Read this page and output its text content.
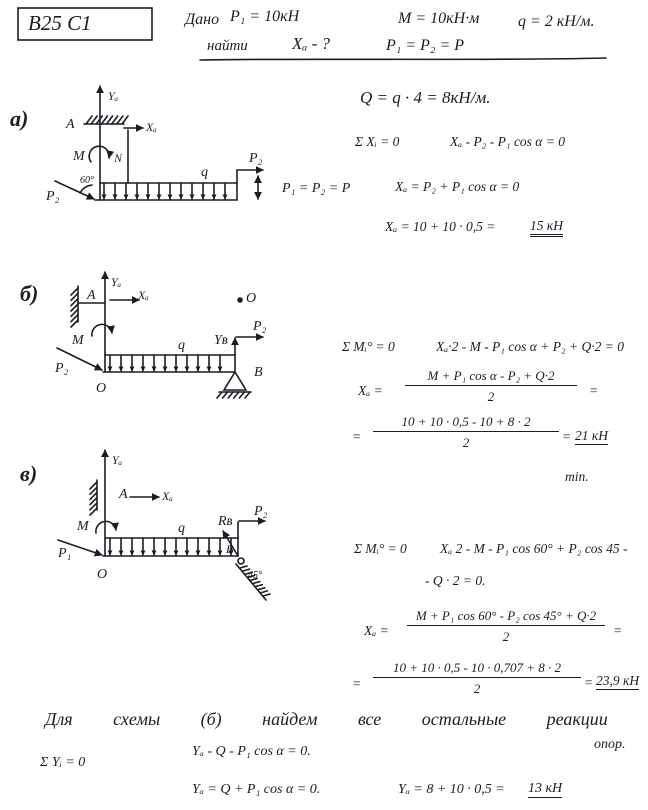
B25 C1	Дано P₁ = 10кН	M = 10кН·м q = 2 кН/м.
найти	Xₐ - ?	P₁ = P₂ = P
Q = q · 4 = 8кН/м.
а)
Yₐ
A	Xₐ
M N
60°
q
P₂
P₂
P₁ = P₂ = P
Σ Xᵢ = 0	Xₐ - P₂ - P₁ cos α = 0
Xₐ = P₂ + P₁ cos α = 0
Xₐ = 10 + 10 · 0,5 =	15 кН
б)	Yₐ
A	Xₐ
M	q Yʙ
P₂
O
B
O
P₂
Σ Mᵢ° = 0	Xₐ·2 - M - P₁ cos α + P₂ + Q·2 = 0
Xₐ =
M + P₁ cos α - P₂ + Q·2
2	=
=
10 + 10 · 0,5 - 10 + 8 · 2
2	= 21 кН
min.
в)
Yₐ
A	Xₐ
M	q Rʙ
P₂
45°
B
O
P₁	Σ Mᵢ° = 0 Xₐ 2 - M - P₁ cos 60° + P₂ cos 45 -
- Q · 2 = 0.
Xₐ =
M + P₁ cos 60° - P₂ cos 45° + Q·2
2	=
=
10 + 10 · 0,5 - 10 · 0,707 + 8 · 2
2	= 23,9 кН
Для схемы (б) найдем все остальные реакции
опор.
Σ Yᵢ = 0
Yₐ - Q - P₁ cos α = 0.
Yₐ = Q + P₁ cos α = 0.	Yₐ = 8 + 10 · 0,5 = 13 кН
